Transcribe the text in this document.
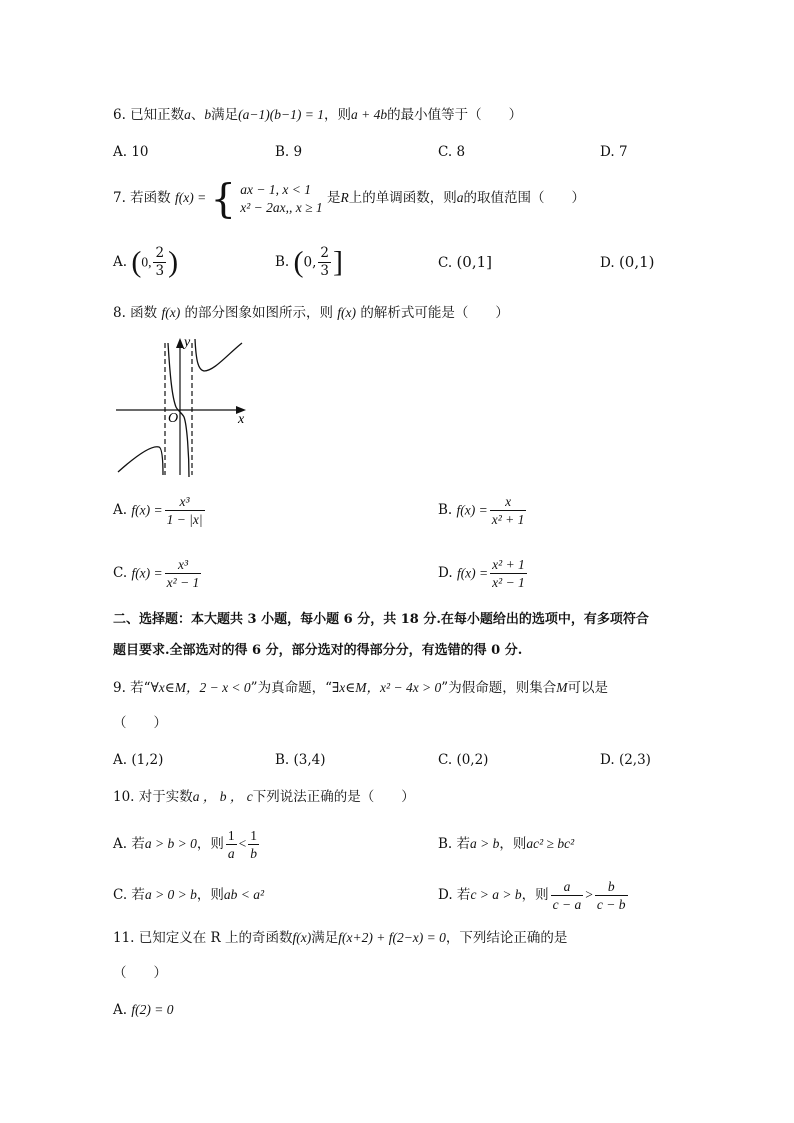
6. 已知正数a、b满足(a−1)(b−1) = 1，则a + 4b的最小值等于（　　）
A. 10	B. 9	C. 8	D. 7
7. 若函数 f(x) = { ax − 1, x < 1
x² − 2ax,, x ≥ 1
是R上的单调函数，则a的取值范围（　　）
A. (0, $\frac{2}{3}$ )	B. (0, $\frac{2}{3}$ ]	C. (0,1]	D. (0,1)
8. 函数 f(x) 的部分图象如图所示，则 f(x) 的解析式可能是（　　）
x
y
O
A. $f(x) = \frac{\text{x³}}{1 - |x|}$	B. $f(x) = \frac{x}{\text{x² + 1}}$
C. $f(x) = \frac{\text{x³}}{\text{x² − 1}}$	D. $f(x) = \frac{\text{x² + 1}}{\text{x² − 1}}$
二、选择题：本大题共 3 小题，每小题 6 分，共 18 分.在每小题给出的选项中，有多项符合
题目要求.全部选对的得 6 分，部分选对的得部分分，有选错的得 0 分.
9. 若“∀x∈M，2 − x < 0”为真命题，“∃x∈M，x² − 4x > 0”为假命题，则集合M可以是
（　　）
A. (1,2)	B. (3,4)	C. (0,2)	D. (2,3)
10. 对于实数a ， b ， c下列说法正确的是（　　）
A. 若a > b > 0，则 $\frac{1}{a} < \frac{1}{b}$	B. 若a > b，则ac² ≥ bc²
C. 若a > 0 > b，则ab < a²	D. 若c > a > b，则 $\frac{a}{c - a} > \frac{b}{c - b}$
11. 已知定义在 R 上的奇函数f(x)满足f(x+2) + f(2−x) = 0，下列结论正确的是
（　　）
A. f(2) = 0
